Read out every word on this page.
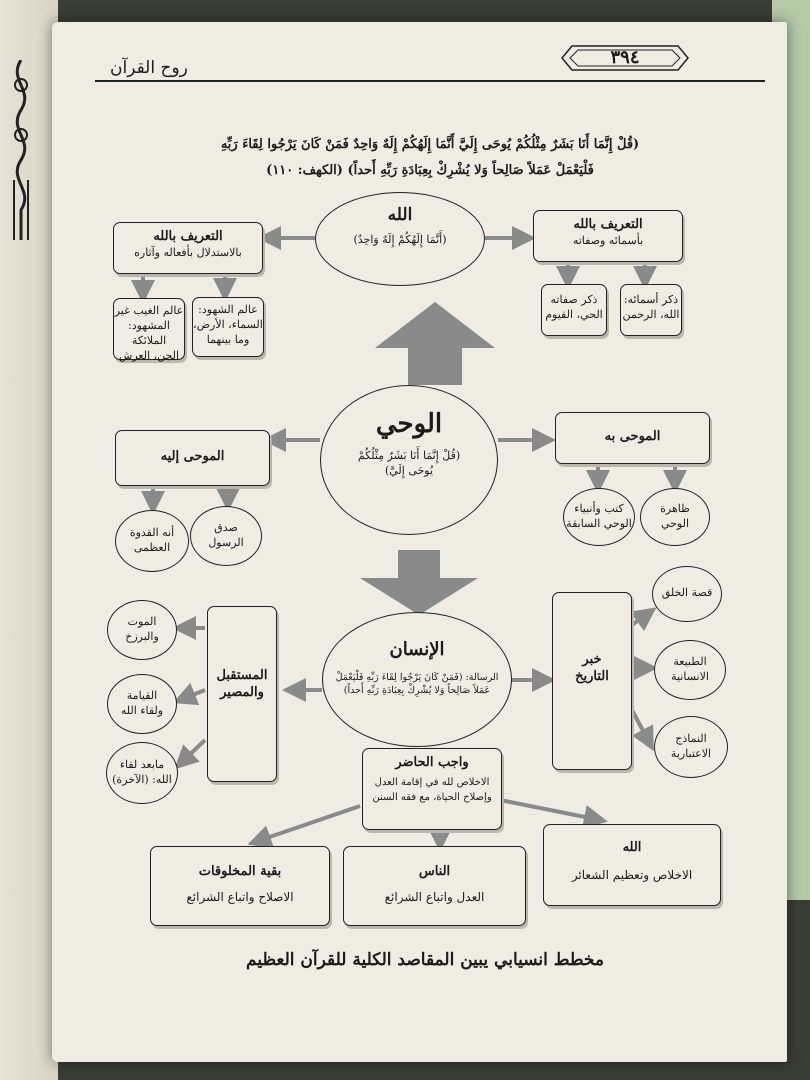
٣٩٤
روح القرآن
(قُلْ إِنَّمَا أَنَا بَشَرٌ مِثْلُكُمْ يُوحَى إِلَيَّ أَنَّمَا إِلَهُكُمْ إِلَهٌ وَاحِدٌ فَمَنْ كَانَ يَرْجُوا لِقَاءَ رَبِّهِ
فَلْيَعْمَلْ عَمَلاً صَالِحاً وَلا يُشْرِكْ بِعِبَادَةِ رَبِّهِ أَحداً) (الكهف: ١١٠)
الله
(أَنَّمَا إِلَهُكُمْ إِلَهٌ وَاحِدٌ)
التعريف بالله
بأسمائه وصفاته
ذكر أسمائه:
الله، الرحمن
ذكر صفاته
الحي، القيوم
التعريف بالله
بالاستدلال بأفعاله وآثاره
عالم الشهود:
السماء، الأرض،
وما بينهما
عالم الغيب غير
المشهود: الملائكة
الجن، العرش
الوحي
(قُلْ إِنَّمَا أَنَا بَشَرٌ مِثْلُكُمْ
يُوحَى إِلَيَّ)
الموحى به
ظاهرة
الوحي
كتب وأنبياء
الوحي السابقة
الموحى إليه
صدق
الرسول
أنه القدوة
العظمى
الإنسان
الرسالة: (فَمَنْ كَانَ يَرْجُوا لِقَاءَ رَبِّهِ فَلْيَعْمَلْ
عَمَلاً صَالِحاً وَلا يُشْرِكْ بِعِبَادَةِ رَبِّهِ أَحداً)
خبر
التاريخ
قصة الخلق
الطبيعة
الانسانية
النماذج
الاعتبارية
المستقبل
والمصير
الموت
والبرزخ
القيامة
ولقاء الله
مابعد لقاء
الله: (الآخرة)
واجب الحاضر
الاخلاص لله في إقامة العدل
وإصلاح الحياة، مع فقه السنن
بقية المخلوقات
الاصلاح واتباع الشرائع
الناس
العدل واتباع الشرائع
الله
الاخلاص وتعظيم الشعائر
مخطط انسيابي يبين المقاصد الكلية للقرآن العظيم
